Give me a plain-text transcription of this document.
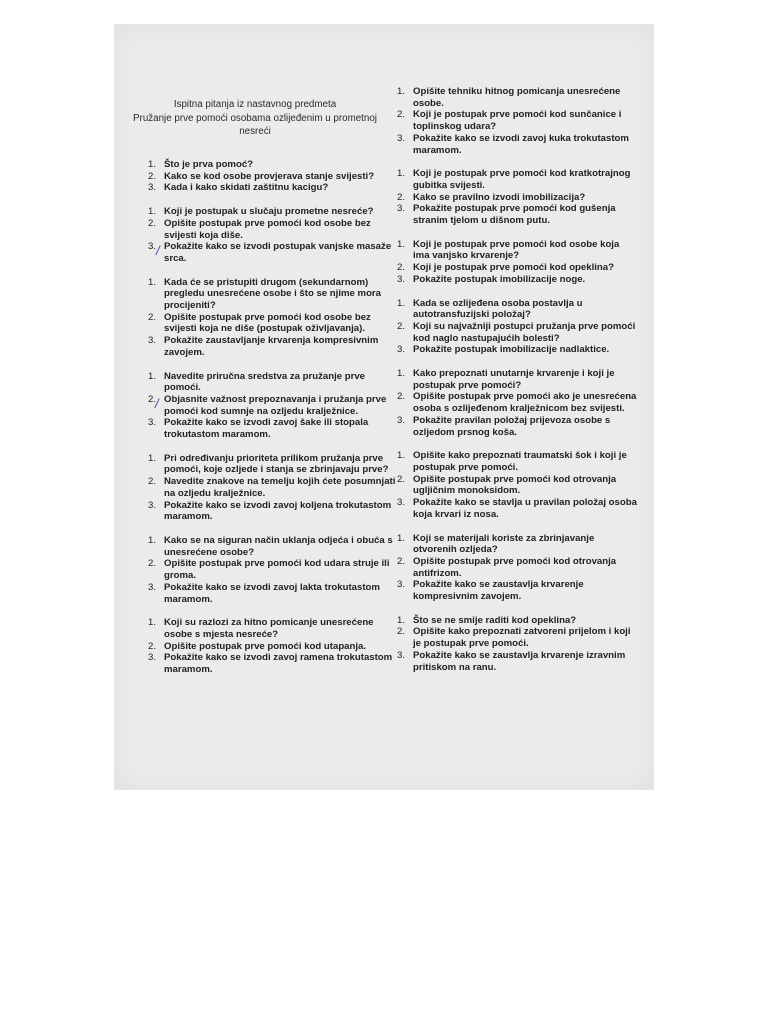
Ispitna pitanja iz nastavnog predmeta
Pružanje prve pomoći osobama ozlijeđenim u prometnoj
nesreći
1. Što je prva pomoć?
2. Kako se kod osobe provjerava stanje svijesti?
3. Kada i kako skidati zaštitnu kacigu?
1. Koji je postupak u slučaju prometne nesreće?
2. Opišite postupak prve pomoći kod osobe bez svijesti koja diše.
3. Pokažite kako se izvodi postupak vanjske masaže srca.
1. Kada će se pristupiti drugom (sekundarnom) pregledu unesrećene osobe i što se njime mora procijeniti?
2. Opišite postupak prve pomoći kod osobe bez svijesti koja ne diše (postupak oživljavanja).
3. Pokažite zaustavljanje krvarenja kompresivnim zavojem.
1. Navedite priručna sredstva za pružanje prve pomoći.
2. Objasnite važnost prepoznavanja i pružanja prve pomoći kod sumnje na ozljedu kralježnice.
3. Pokažite kako se izvodi zavoj šake ili stopala trokutastom maramom.
1. Pri određivanju prioriteta prilikom pružanja prve pomoći, koje ozljede i stanja se zbrinjavaju prve?
2. Navedite znakove na temelju kojih ćete posumnjati na ozljedu kralježnice.
3. Pokažite kako se izvodi zavoj koljena trokutastom maramom.
1. Kako se na siguran način uklanja odjeća i obuća s unesrećene osobe?
2. Opišite postupak prve pomoći kod udara struje ili groma.
3. Pokažite kako se izvodi zavoj lakta trokutastom maramom.
1. Koji su razlozi za hitno pomicanje unesrećene osobe s mjesta nesreće?
2. Opišite postupak prve pomoći kod utapanja.
3. Pokažite kako se izvodi zavoj ramena trokutastom maramom.
1. Opišite tehniku hitnog pomicanja unesrećene osobe.
2. Koji je postupak prve pomoći kod sunčanice i toplinskog udara?
3. Pokažite kako se izvodi zavoj kuka trokutastom maramom.
1. Koji je postupak prve pomoći kod kratkotrajnog gubitka svijesti.
2. Kako se pravilno izvodi imobilizacija?
3. Pokažite postupak prve pomoći kod gušenja stranim tjelom u dišnom putu.
1. Koji je postupak prve pomoći kod osobe koja ima vanjsko krvarenje?
2. Koji je postupak prve pomoći kod opeklina?
3. Pokažite postupak imobilizacije noge.
1. Kada se ozlijeđena osoba postavlja u autotransfuzijski položaj?
2. Koji su najvažniji postupci pružanja prve pomoći kod naglo nastupajućih bolesti?
3. Pokažite postupak imobilizacije nadlaktice.
1. Kako prepoznati unutarnje krvarenje i koji je postupak prve pomoći?
2. Opišite postupak prve pomoći ako je unesrećena osoba s ozlijeđenom kralježnicom bez svijesti.
3. Pokažite pravilan položaj prijevoza osobe s ozljedom prsnog koša.
1. Opišite kako prepoznati traumatski šok i koji je postupak prve pomoći.
2. Opišite postupak prve pomoći kod otrovanja ugljičnim monoksidom.
3. Pokažite kako se stavlja u pravilan položaj osoba koja krvari iz nosa.
1. Koji se materijali koriste za zbrinjavanje otvorenih ozljeda?
2. Opišite postupak prve pomoći kod otrovanja antifrizom.
3. Pokažite kako se zaustavlja krvarenje kompresivnim zavojem.
1. Što se ne smije raditi kod opeklina?
2. Opišite kako prepoznati zatvoreni prijelom i koji je postupak prve pomoći.
3. Pokažite kako se zaustavlja krvarenje izravnim pritiskom na ranu.
/
/
